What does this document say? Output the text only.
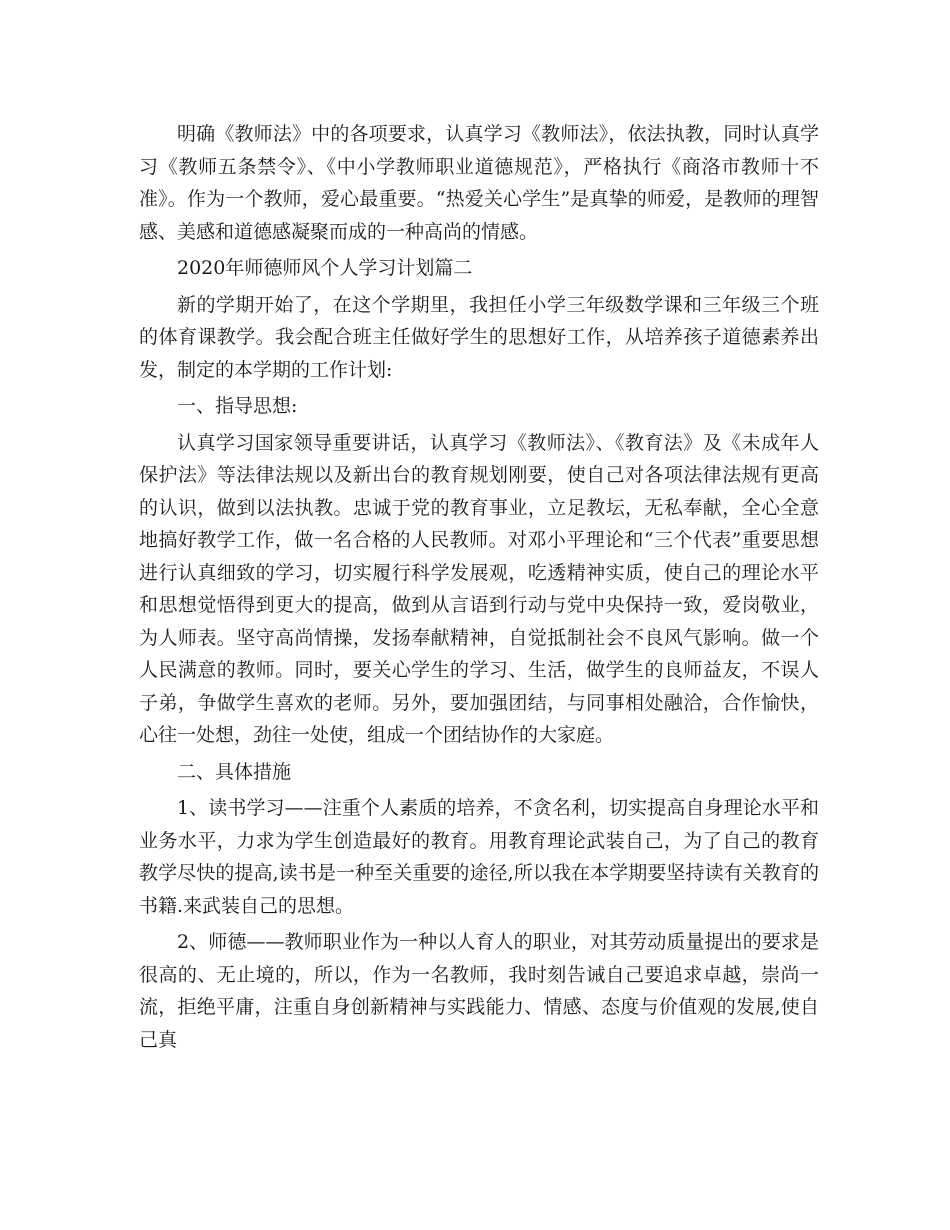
明确《教师法》中的各项要求，认真学习《教师法》，依法执教，同时认真学习《教师五条禁令》、《中小学教师职业道德规范》，严格执行《商洛市教师十不准》。作为一个教师，爱心最重要。“热爱关心学生”是真挚的师爱，是教师的理智感、美感和道德感凝聚而成的一种高尚的情感。

2020年师德师风个人学习计划篇二

新的学期开始了，在这个学期里，我担任小学三年级数学课和三年级三个班的体育课教学。我会配合班主任做好学生的思想好工作，从培养孩子道德素养出发，制定的本学期的工作计划:

一、指导思想:

认真学习国家领导重要讲话，认真学习《教师法》、《教育法》及《未成年人保护法》等法律法规以及新出台的教育规划刚要，使自己对各项法律法规有更高的认识，做到以法执教。忠诚于党的教育事业，立足教坛，无私奉献，全心全意地搞好教学工作，做一名合格的人民教师。对邓小平理论和“三个代表”重要思想进行认真细致的学习，切实履行科学发展观，吃透精神实质，使自己的理论水平和思想觉悟得到更大的提高，做到从言语到行动与党中央保持一致，爱岗敬业，为人师表。坚守高尚情操，发扬奉献精神，自觉抵制社会不良风气影响。做一个人民满意的教师。同时，要关心学生的学习、生活，做学生的良师益友，不误人子弟，争做学生喜欢的老师。另外，要加强团结，与同事相处融洽，合作愉快，心往一处想，劲往一处使，组成一个团结协作的大家庭。

二、具体措施

1、读书学习——注重个人素质的培养，不贪名利，切实提高自身理论水平和业务水平，力求为学生创造最好的教育。用教育理论武装自己，为了自己的教育教学尽快的提高,读书是一种至关重要的途径,所以我在本学期要坚持读有关教育的书籍.来武装自己的思想。

2、师德——教师职业作为一种以人育人的职业，对其劳动质量提出的要求是很高的、无止境的，所以，作为一名教师，我时刻告诫自己要追求卓越，崇尚一流，拒绝平庸，注重自身创新精神与实践能力、情感、态度与价值观的发展,使自己真
